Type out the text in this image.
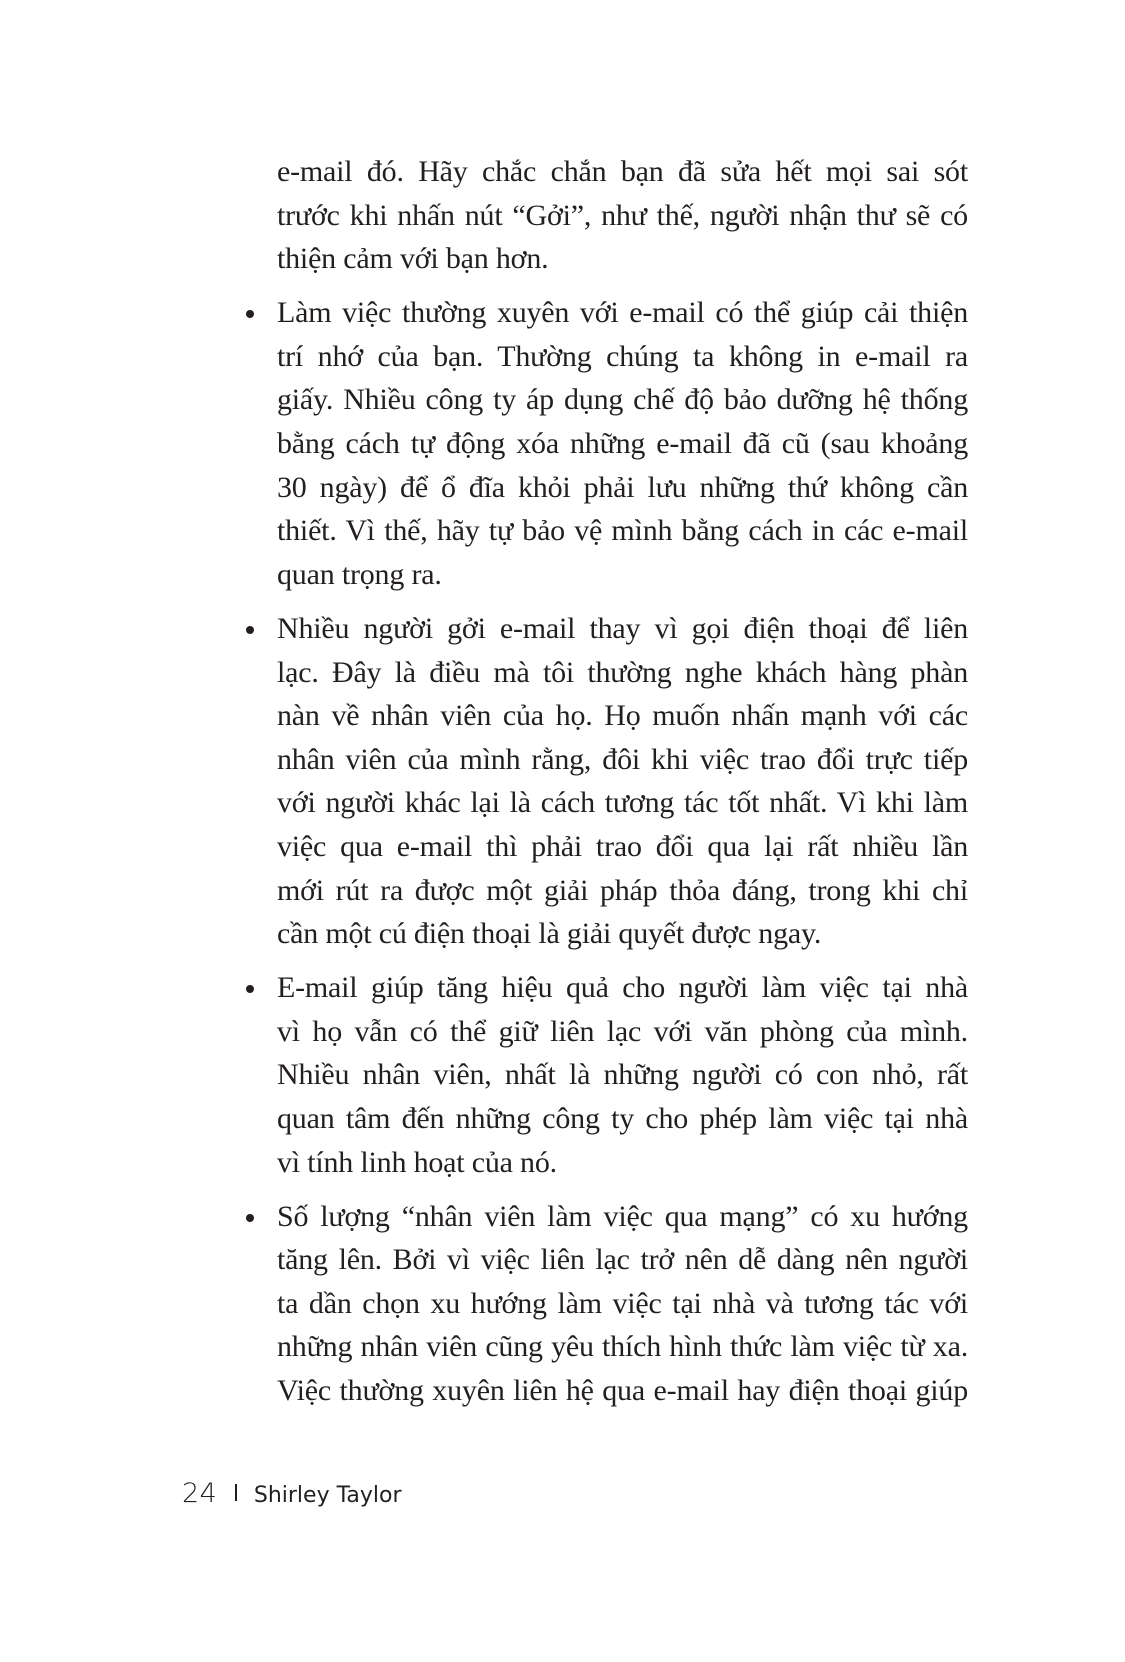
e-mail đó. Hãy chắc chắn bạn đã sửa hết mọi sai sót
trước khi nhấn nút “Gởi”, như thế, người nhận thư sẽ có
thiện cảm với bạn hơn.
Làm việc thường xuyên với e-mail có thể giúp cải thiện
trí nhớ của bạn. Thường chúng ta không in e-mail ra
giấy. Nhiều công ty áp dụng chế độ bảo dưỡng hệ thống
bằng cách tự động xóa những e-mail đã cũ (sau khoảng
30 ngày) để ổ đĩa khỏi phải lưu những thứ không cần
thiết. Vì thế, hãy tự bảo vệ mình bằng cách in các e-mail
quan trọng ra.
Nhiều người gởi e-mail thay vì gọi điện thoại để liên
lạc. Đây là điều mà tôi thường nghe khách hàng phàn
nàn về nhân viên của họ. Họ muốn nhấn mạnh với các
nhân viên của mình rằng, đôi khi việc trao đổi trực tiếp
với người khác lại là cách tương tác tốt nhất. Vì khi làm
việc qua e-mail thì phải trao đổi qua lại rất nhiều lần
mới rút ra được một giải pháp thỏa đáng, trong khi chỉ
cần một cú điện thoại là giải quyết được ngay.
E-mail giúp tăng hiệu quả cho người làm việc tại nhà
vì họ vẫn có thể giữ liên lạc với văn phòng của mình.
Nhiều nhân viên, nhất là những người có con nhỏ, rất
quan tâm đến những công ty cho phép làm việc tại nhà
vì tính linh hoạt của nó.
Số lượng “nhân viên làm việc qua mạng” có xu hướng
tăng lên. Bởi vì việc liên lạc trở nên dễ dàng nên người
ta dần chọn xu hướng làm việc tại nhà và tương tác với
những nhân viên cũng yêu thích hình thức làm việc từ xa.
Việc thường xuyên liên hệ qua e-mail hay điện thoại giúp
24 Shirley Taylor
